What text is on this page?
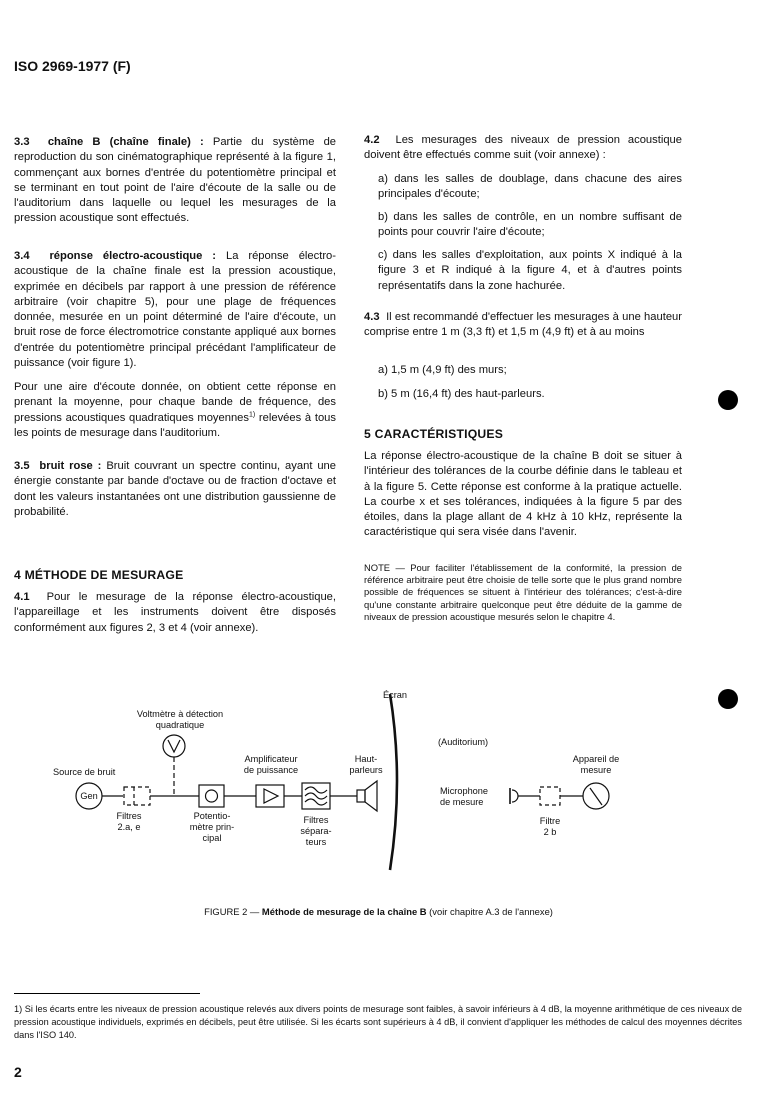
ISO 2969-1977 (F)

3.3 chaîne B (chaîne finale) : Partie du système de reproduction du son cinématographique représenté à la figure 1, commençant aux bornes d'entrée du potentiomètre principal et se terminant en tout point de l'aire d'écoute de la salle ou de l'auditorium dans laquelle ou lequel les mesurages de la pression acoustique sont effectués.

3.4 réponse électro-acoustique : La réponse électro-acoustique de la chaîne finale est la pression acoustique, exprimée en décibels par rapport à une pression de référence arbitraire (voir chapitre 5), pour une plage de fréquences donnée, mesurée en un point déterminé de l'aire d'écoute, un bruit rose de force électromotrice constante appliqué aux bornes d'entrée du potentiomètre principal précédant l'amplificateur de puissance (voir figure 1).

Pour une aire d'écoute donnée, on obtient cette réponse en prenant la moyenne, pour chaque bande de fréquence, des pressions acoustiques quadratiques moyennes$^{1)}$ relevées à tous les points de mesurage dans l'auditorium.

3.5 bruit rose : Bruit couvrant un spectre continu, ayant une énergie constante par bande d'octave ou de fraction d'octave et dont les valeurs instantanées ont une distribution gaussienne de probabilité.

4 MÉTHODE DE MESURAGE

4.1 Pour le mesurage de la réponse électro-acoustique, l'appareillage et les instruments doivent être disposés conformément aux figures 2, 3 et 4 (voir annexe).

4.2 Les mesurages des niveaux de pression acoustique doivent être effectués comme suit (voir annexe) :

a) dans les salles de doublage, dans chacune des aires principales d'écoute;

b) dans les salles de contrôle, en un nombre suffisant de points pour couvrir l'aire d'écoute;

c) dans les salles d'exploitation, aux points X indiqué à la figure 3 et R indiqué à la figure 4, et à d'autres points représentatifs dans la zone hachurée.

4.3 Il est recommandé d'effectuer les mesurages à une hauteur comprise entre 1 m (3,3 ft) et 1,5 m (4,9 ft) et à au moins

a) 1,5 m (4,9 ft) des murs;

b) 5 m (16,4 ft) des haut-parleurs.

5 CARACTÉRISTIQUES

La réponse électro-acoustique de la chaîne B doit se situer à l'intérieur des tolérances de la courbe définie dans le tableau et à la figure 5. Cette réponse est conforme à la pratique actuelle. La courbe x et ses tolérances, indiquées à la figure 5 par des étoiles, dans la plage allant de 4 kHz à 10 kHz, représente la caractéristique qui sera visée dans l'avenir.

NOTE — Pour faciliter l'établissement de la conformité, la pression de référence arbitraire peut être choisie de telle sorte que le plus grand nombre possible de fréquences se situent à l'intérieur des tolérances; c'est-à-dire qu'une constante arbitraire quelconque peut être déduite de la gamme de niveaux de pression acoustique mesurés selon le chapitre 4.

Écran
Voltmètre à détection
quadratique
Source de bruit
Gen
Filtres
2.a, e
Potentio-
mètre prin-
cipal
Amplificateur
de puissance
Filtres
sépara-
teurs
Haut-
parleurs
(Auditorium)
Appareil de
mesure
Microphone
de mesure
Filtre
2 b
FIGURE 2 — Méthode de mesurage de la chaîne B (voir chapitre A.3 de l'annexe)
1) Si les écarts entre les niveaux de pression acoustique relevés aux divers points de mesurage sont faibles, à savoir inférieurs à 4 dB, la moyenne arithmétique de ces niveaux de pression acoustique individuels, exprimés en décibels, peut être utilisée. Si les écarts sont supérieurs à 4 dB, il convient d'appliquer les méthodes de calcul des moyennes décrites dans l'ISO 140.
2
